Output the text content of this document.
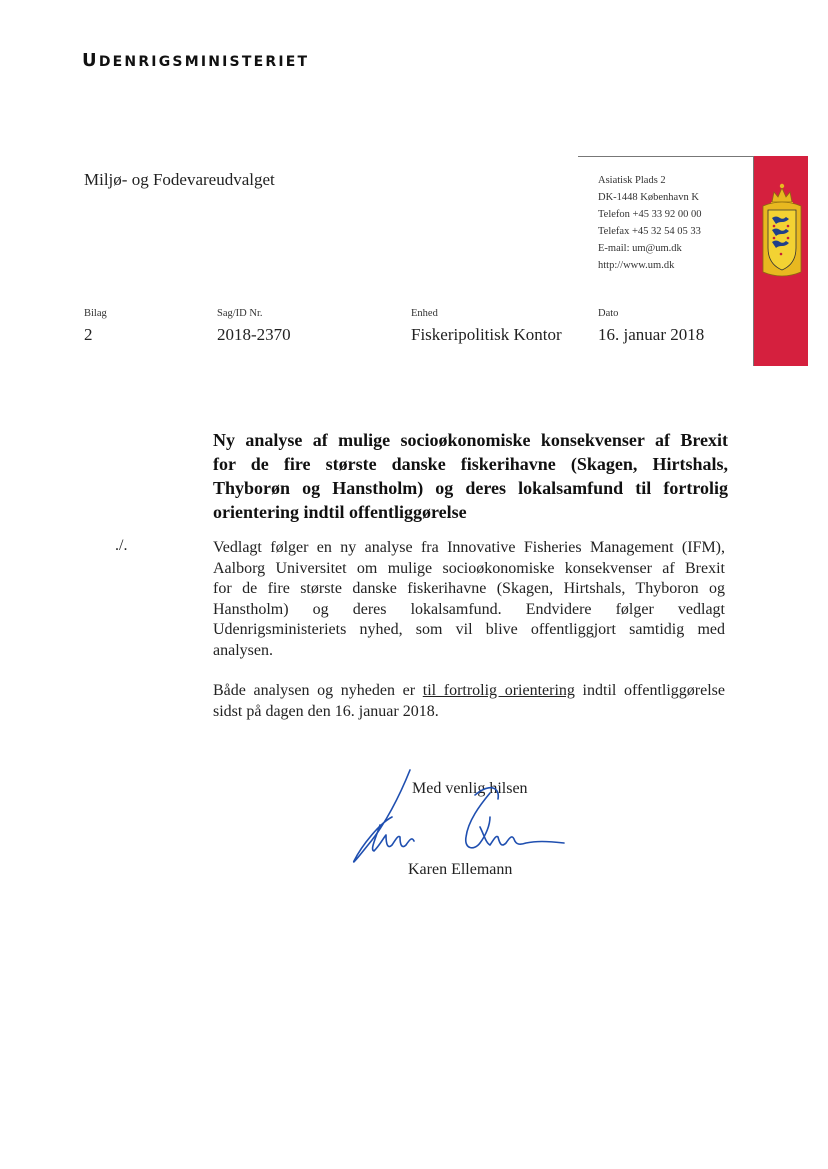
UDENRIGSMINISTERIET
Miljø- og Fodevareudvalget	Asiatisk Plads 2
DK-1448 København K
Telefon +45 33 92 00 00
Telefax +45 32 54 05 33
E-mail: um@um.dk
http://www.um.dk
Bilag
2
Sag/ID Nr.
2018-2370
Enhed
Fiskeripolitisk Kontor
Dato
16. januar 2018
Ny analyse af mulige socioøkonomiske konsekvenser af Brexit
for de fire største danske fiskerihavne (Skagen, Hirtshals,
Thyborøn og Hanstholm) og deres lokalsamfund til fortrolig
orientering indtil offentliggørelse
./.	Vedlagt følger en ny analyse fra Innovative Fisheries Management (IFM),
Aalborg Universitet om mulige socioøkonomiske konsekvenser af Brexit
for de fire største danske fiskerihavne (Skagen, Hirtshals, Thyboron og
Hanstholm) og deres lokalsamfund. Endvidere følger vedlagt
Udenrigsministeriets nyhed, som vil blive offentliggjort samtidig med
analysen.
Både analysen og nyheden er til fortrolig orientering indtil offentliggørelse
sidst på dagen den 16. januar 2018.
Med venlig hilsen
Karen Ellemann
